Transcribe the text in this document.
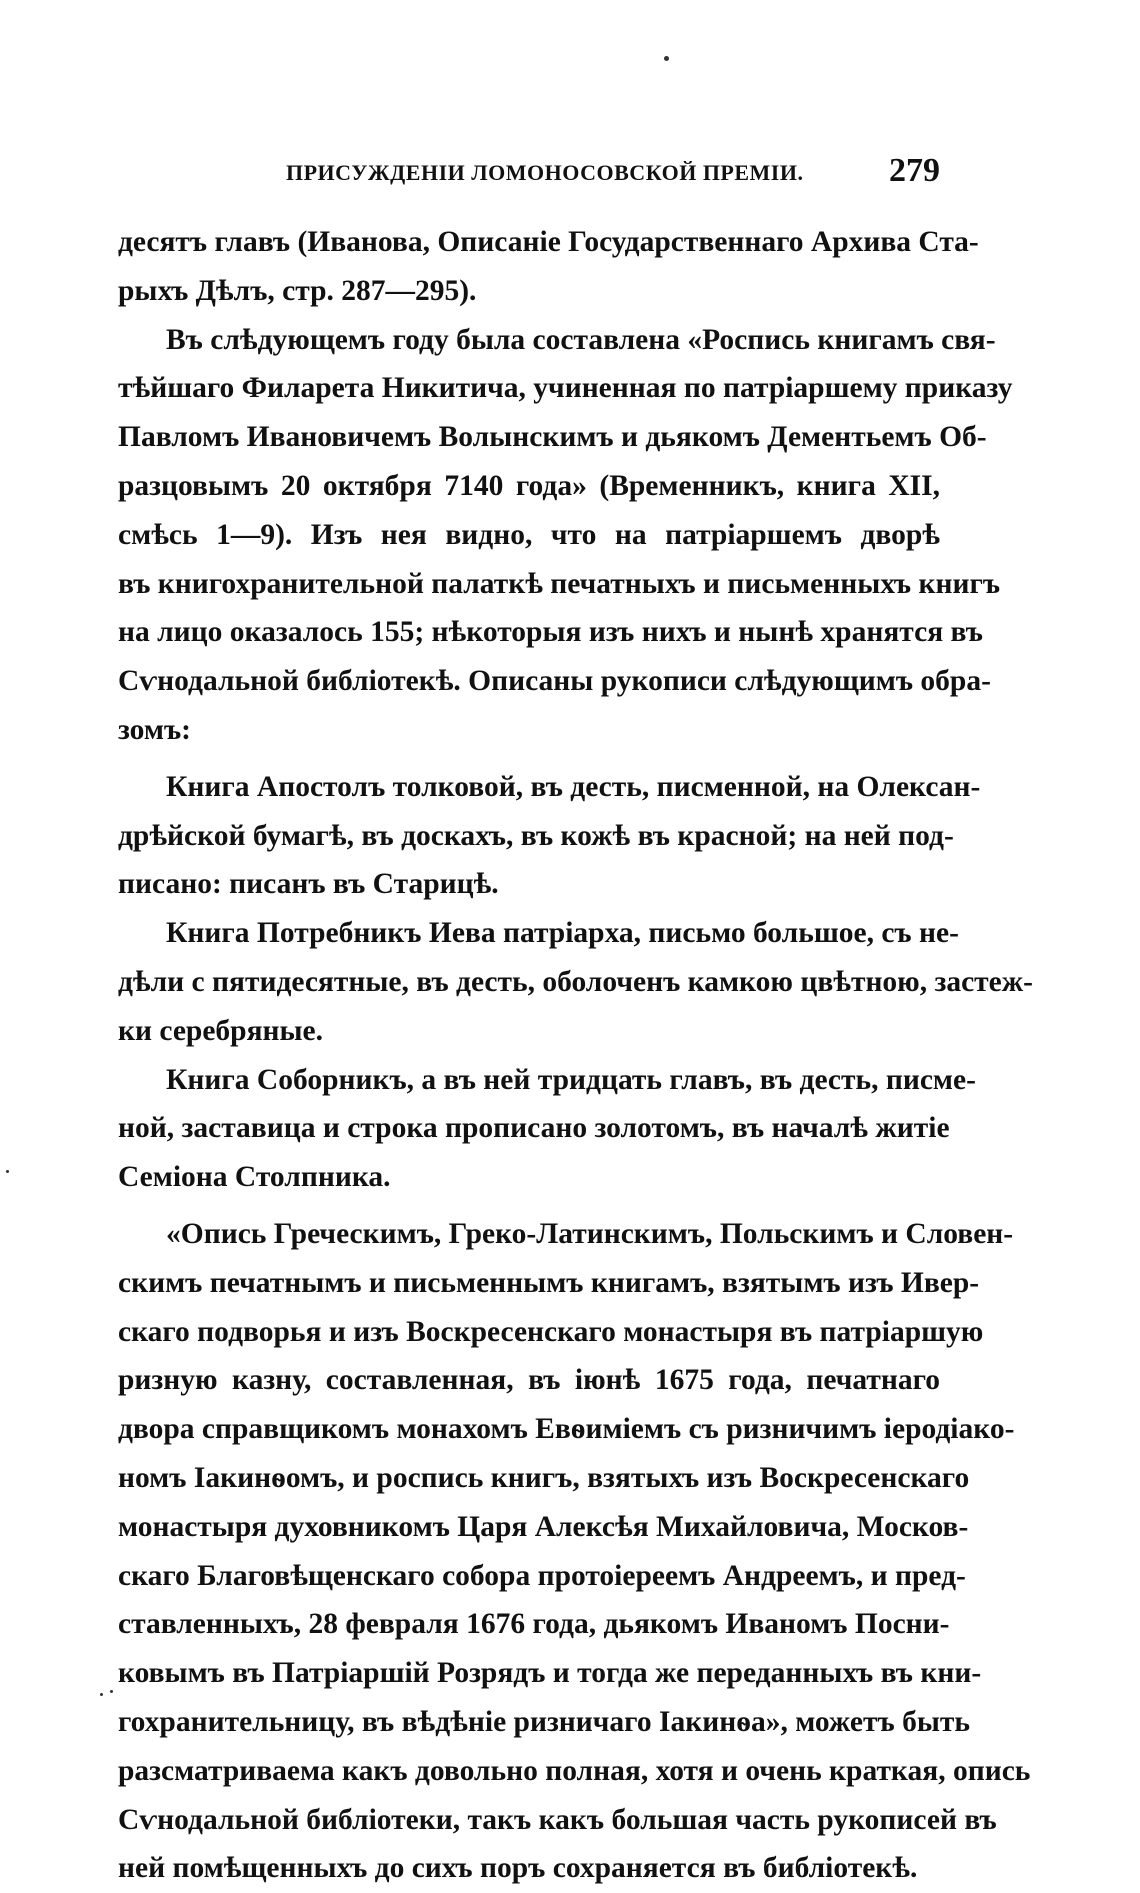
ПРИСУЖДЕНІИ ЛОМОНОСОВСКОЙ ПРЕМІИ.	279
десятъ главъ (Иванова, Описаніе Государственнаго Архива Ста-
рыхъ Дѣлъ, стр. 287—295).
Въ слѣдующемъ году была составлена «Роспись книгамъ свя-
тѣйшаго Филарета Никитича, учиненная по патріаршему приказу
Павломъ Ивановичемъ Волынскимъ и дьякомъ Дементьемъ Об-
разцовымъ 20 октября 7140 года» (Временникъ, книга XII,
смѣсь 1—9). Изъ нея видно, что на патріаршемъ дворѣ
въ книгохранительной палаткѣ печатныхъ и письменныхъ книгъ
на лицо оказалось 155; нѣкоторыя изъ нихъ и нынѣ хранятся въ
Сѵнодальной библіотекѣ. Описаны рукописи слѣдующимъ обра-
зомъ:
Книга Апостолъ толковой, въ десть, писменной, на Олексан-
дрѣйской бумагѣ, въ доскахъ, въ кожѣ въ красной; на ней под-
писано: писанъ въ Старицѣ.
Книга Потребникъ Иева патріарха, письмо большое, съ не-
дѣли с пятидесятные, въ десть, оболоченъ камкою цвѣтною, застеж-
ки серебряные.
Книга Соборникъ, а въ ней тридцать главъ, въ десть, писме-
ной, заставица и строка прописано золотомъ, въ началѣ житіе
Семіона Столпника.
«Опись Греческимъ, Греко-Латинскимъ, Польскимъ и Словен-
скимъ печатнымъ и письменнымъ книгамъ, взятымъ изъ Ивер-
скаго подворья и изъ Воскресенскаго монастыря въ патріаршую
ризную казну, составленная, въ іюнѣ 1675 года, печатнаго
двора справщикомъ монахомъ Евѳиміемъ съ ризничимъ іеродіако-
номъ Іакинѳомъ, и роспись книгъ, взятыхъ изъ Воскресенскаго
монастыря духовникомъ Царя Алексѣя Михайловича, Москов-
скаго Благовѣщенскаго собора протоіереемъ Андреемъ, и пред-
ставленныхъ, 28 февраля 1676 года, дьякомъ Иваномъ Посни-
ковымъ въ Патріаршій Розрядъ и тогда же переданныхъ въ кни-
гохранительницу, въ вѣдѣніе ризничаго Іакинѳа», можетъ быть
разсматриваема какъ довольно полная, хотя и очень краткая, опись
Сѵнодальной библіотеки, такъ какъ большая часть рукописей въ
ней помѣщенныхъ до сихъ поръ сохраняется въ библіотекѣ.
